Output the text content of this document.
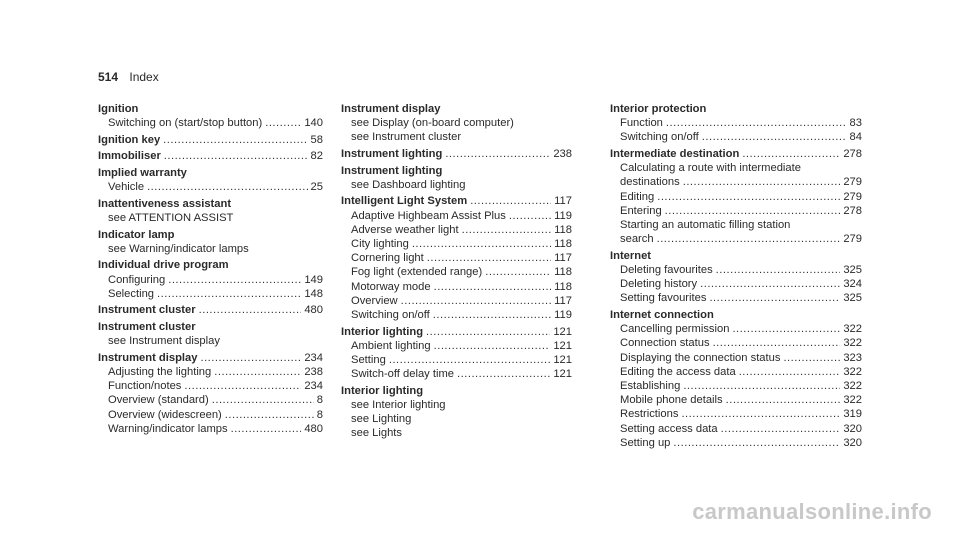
514 Index
Ignition
Switching on (start/stop button) .....	140
Ignition key .....	58
Immobiliser .....	82
Implied warranty
Vehicle .....	25
Inattentiveness assistant
see ATTENTION ASSIST
Indicator lamp
see Warning/indicator lamps
Individual drive program
Configuring .....	149
Selecting .....	148
Instrument cluster .....	480
Instrument cluster
see Instrument display
Instrument display .....	234
Adjusting the lighting .....	238
Function/notes .....	234
Overview (standard) .....	8
Overview (widescreen) .....	8
Warning/indicator lamps .....	480
Instrument display
see Display (on-board computer)
see Instrument cluster
Instrument lighting .....	238
Instrument lighting
see Dashboard lighting
Intelligent Light System .....	117
Adaptive Highbeam Assist Plus .....	119
Adverse weather light .....	118
City lighting .....	118
Cornering light .....	117
Fog light (extended range) .....	118
Motorway mode .....	118
Overview .....	117
Switching on/off .....	119
Interior lighting .....	121
Ambient lighting .....	121
Setting .....	121
Switch-off delay time .....	121
Interior lighting
see Interior lighting
see Lighting
see Lights
Interior protection
Function .....	83
Switching on/off .....	84
Intermediate destination .....	278
Calculating a route with intermediate
destinations .....	279
Editing .....	279
Entering .....	278
Starting an automatic filling station
search .....	279
Internet
Deleting favourites .....	325
Deleting history .....	324
Setting favourites .....	325
Internet connection
Cancelling permission .....	322
Connection status .....	322
Displaying the connection status .....	323
Editing the access data .....	322
Establishing .....	322
Mobile phone details .....	322
Restrictions .....	319
Setting access data .....	320
Setting up .....	320
carmanualsonline.info
